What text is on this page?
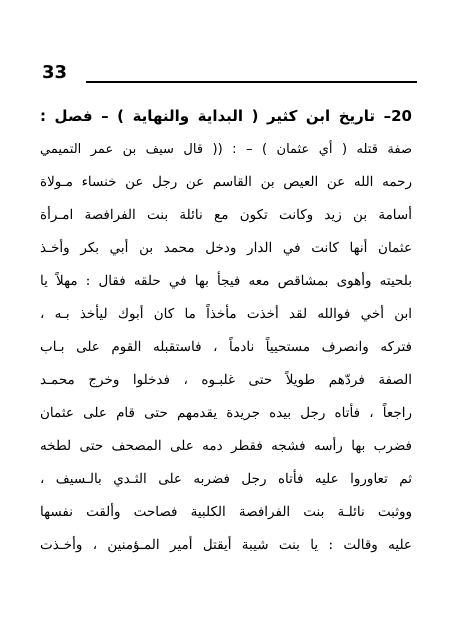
33
20– تاريخ ابن كثير ( البداية والنهاية ) – فصل :
صفة قتله ( أي عثمان ) – : (( قال سيف بن عمر التميمي
رحمه الله عن العيص بن القاسم عن رجل عن خنساء مـولاة
أسامة بن زيد وكانت تكون مع نائلة بنت الفرافصة امـرأة
عثمان أنها كانت في الدار ودخل محمد بن أبي بكر وأخـذ
بلحيته وأهوى بمشاقص معه فيجأ بها في حلقه فقال : مهلاً يا
ابن أخي فوالله لقد أخذت مأخذاً ما كان أبوك ليأخذ بـه ،
فتركه وانصرف مستحيياً نادماً ، فاستقبله القوم على بـاب
الصفة فردّهم طويلاً حتى غلبـوه ، فدخلوا وخرج محمـد
راجعاً ، فأتاه رجل بيده جريدة يقدمهم حتى قام على عثمان
فضرب بها رأسه فشجه فقطر دمه على المصحف حتى لطخه
ثم تعاوروا عليه فأتاه رجل فضربه على الثـدي بالـسيف ،
ووثبت نائلـة بنت الفرافصة الكلبية فصاحت وألقت نفسها
عليه وقالت : يا بنت شيبة أيقتل أمير المـؤمنين ، وأخـذت
